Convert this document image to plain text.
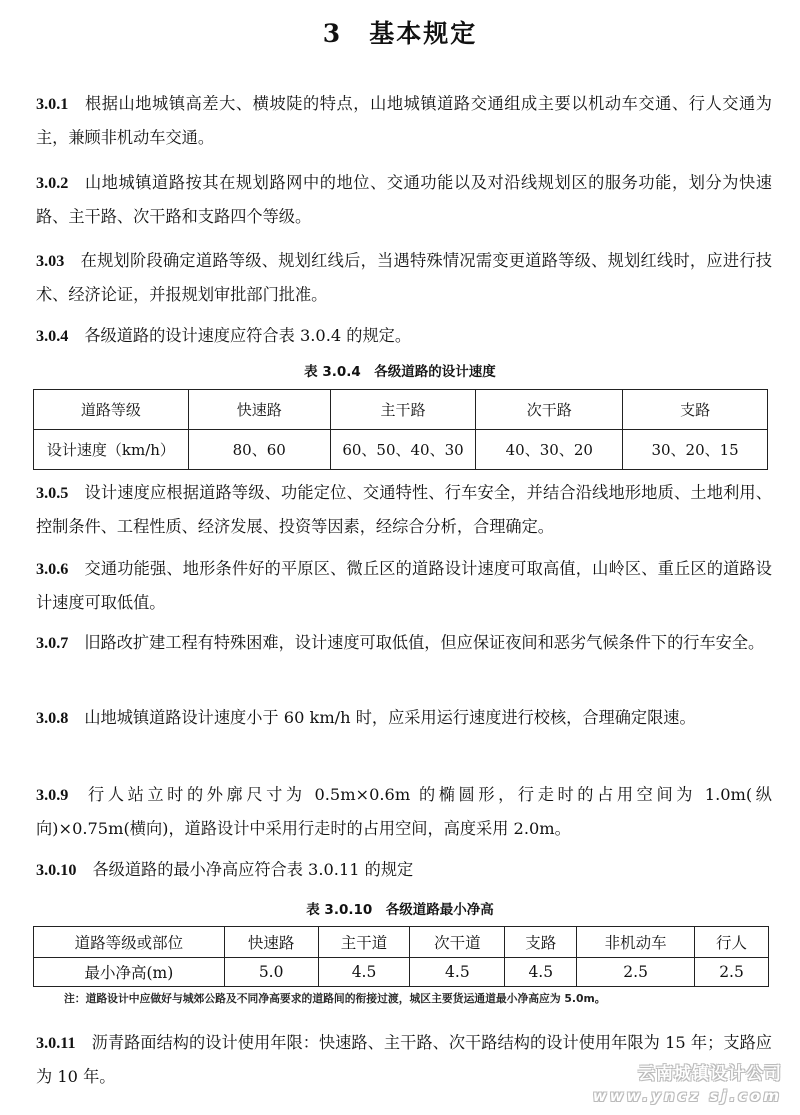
3　基本规定
3.0.1 根据山地城镇高差大、横坡陡的特点，山地城镇道路交通组成主要以机动车交通、行人交通为主，兼顾非机动车交通。
3.0.2 山地城镇道路按其在规划路网中的地位、交通功能以及对沿线规划区的服务功能，划分为快速路、主干路、次干路和支路四个等级。
3.03 在规划阶段确定道路等级、规划红线后，当遇特殊情况需变更道路等级、规划红线时，应进行技术、经济论证，并报规划审批部门批准。
3.0.4 各级道路的设计速度应符合表 3.0.4 的规定。
表 3.0.4　各级道路的设计速度
道路等级	快速路	主干路	次干路	支路
设计速度（km/h）	80、60	60、50、40、30	40、30、20	30、20、15
3.0.5 设计速度应根据道路等级、功能定位、交通特性、行车安全，并结合沿线地形地质、土地利用、控制条件、工程性质、经济发展、投资等因素，经综合分析，合理确定。
3.0.6 交通功能强、地形条件好的平原区、微丘区的道路设计速度可取高值，山岭区、重丘区的道路设计速度可取低值。
3.0.7 旧路改扩建工程有特殊困难，设计速度可取低值，但应保证夜间和恶劣气候条件下的行车安全。
3.0.8 山地城镇道路设计速度小于 60 km/h 时，应采用运行速度进行校核，合理确定限速。
3.0.9 行人站立时的外廓尺寸为 0.5m×0.6m 的椭圆形，行走时的占用空间为 1.0m(纵向)×0.75m(横向)，道路设计中采用行走时的占用空间，高度采用 2.0m。
3.0.10 各级道路的最小净高应符合表 3.0.11 的规定
表 3.0.10　各级道路最小净高
道路等级或部位	快速路	主干道	次干道	支路	非机动车	行人
最小净高(m)	5.0	4.5	4.5	4.5	2.5	2.5
注：道路设计中应做好与城郊公路及不同净高要求的道路间的衔接过渡，城区主要货运通道最小净高应为 5.0m。
3.0.11 沥青路面结构的设计使用年限：快速路、主干路、次干路结构的设计使用年限为 15 年；支路应为 10 年。	云南城镇设计公司
www.yncz sj.com
